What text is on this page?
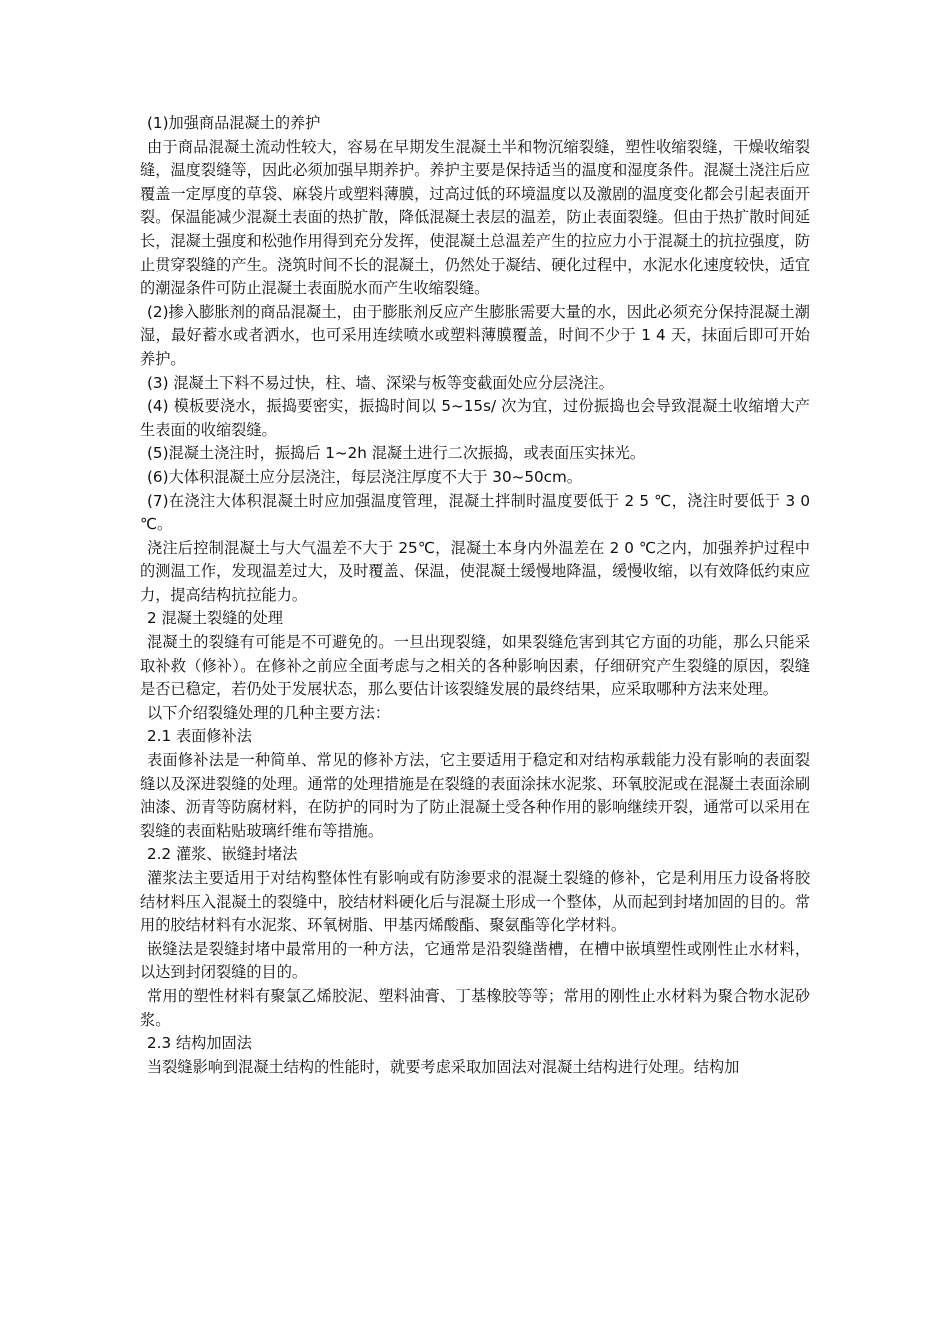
(1)加强商品混凝土的养护

由于商品混凝土流动性较大，容易在早期发生混凝土半和物沉缩裂缝，塑性收缩裂缝，干燥收缩裂缝，温度裂缝等，因此必须加强早期养护。养护主要是保持适当的温度和湿度条件。混凝土浇注后应覆盖一定厚度的草袋、麻袋片或塑料薄膜，过高过低的环境温度以及激剧的温度变化都会引起表面开裂。保温能减少混凝土表面的热扩散，降低混凝土表层的温差，防止表面裂缝。但由于热扩散时间延长，混凝土强度和松弛作用得到充分发挥，使混凝土总温差产生的拉应力小于混凝土的抗拉强度，防止贯穿裂缝的产生。浇筑时间不长的混凝土，仍然处于凝结、硬化过程中，水泥水化速度较快，适宜的潮湿条件可防止混凝土表面脱水而产生收缩裂缝。

(2)掺入膨胀剂的商品混凝土，由于膨胀剂反应产生膨胀需要大量的水，因此必须充分保持混凝土潮湿，最好蓄水或者洒水，也可采用连续喷水或塑料薄膜覆盖，时间不少于 1 4 天，抹面后即可开始养护。

(3) 混凝土下料不易过快，柱、墙、深梁与板等变截面处应分层浇注。

(4) 模板要浇水，振捣要密实，振捣时间以 5~15s/ 次为宜，过份振捣也会导致混凝土收缩增大产生表面的收缩裂缝。

(5)混凝土浇注时，振捣后 1~2h 混凝土进行二次振捣，或表面压实抹光。

(6)大体积混凝土应分层浇注，每层浇注厚度不大于 30~50cm。

(7)在浇注大体积混凝土时应加强温度管理，混凝土拌制时温度要低于 2 5 ℃，浇注时要低于 3 0 ℃。

浇注后控制混凝土与大气温差不大于 25℃，混凝土本身内外温差在 2 0 ℃之内，加强养护过程中的测温工作，发现温差过大，及时覆盖、保温，使混凝土缓慢地降温，缓慢收缩，以有效降低约束应力，提高结构抗拉能力。

2 混凝土裂缝的处理

混凝土的裂缝有可能是不可避免的。一旦出现裂缝，如果裂缝危害到其它方面的功能，那么只能采取补救（修补）。在修补之前应全面考虑与之相关的各种影响因素，仔细研究产生裂缝的原因，裂缝是否已稳定，若仍处于发展状态，那么要估计该裂缝发展的最终结果，应采取哪种方法来处理。

以下介绍裂缝处理的几种主要方法：

2.1 表面修补法

表面修补法是一种简单、常见的修补方法，它主要适用于稳定和对结构承载能力没有影响的表面裂缝以及深进裂缝的处理。通常的处理措施是在裂缝的表面涂抹水泥浆、环氧胶泥或在混凝土表面涂刷油漆、沥青等防腐材料，在防护的同时为了防止混凝土受各种作用的影响继续开裂，通常可以采用在裂缝的表面粘贴玻璃纤维布等措施。

2.2 灌浆、嵌缝封堵法

灌浆法主要适用于对结构整体性有影响或有防渗要求的混凝土裂缝的修补，它是利用压力设备将胶结材料压入混凝土的裂缝中，胶结材料硬化后与混凝土形成一个整体，从而起到封堵加固的目的。常用的胶结材料有水泥浆、环氧树脂、甲基丙烯酸酯、聚氨酯等化学材料。

嵌缝法是裂缝封堵中最常用的一种方法，它通常是沿裂缝凿槽，在槽中嵌填塑性或刚性止水材料，以达到封闭裂缝的目的。

常用的塑性材料有聚氯乙烯胶泥、塑料油膏、丁基橡胶等等；常用的刚性止水材料为聚合物水泥砂浆。

2.3 结构加固法

当裂缝影响到混凝土结构的性能时，就要考虑采取加固法对混凝土结构进行处理。结构加
